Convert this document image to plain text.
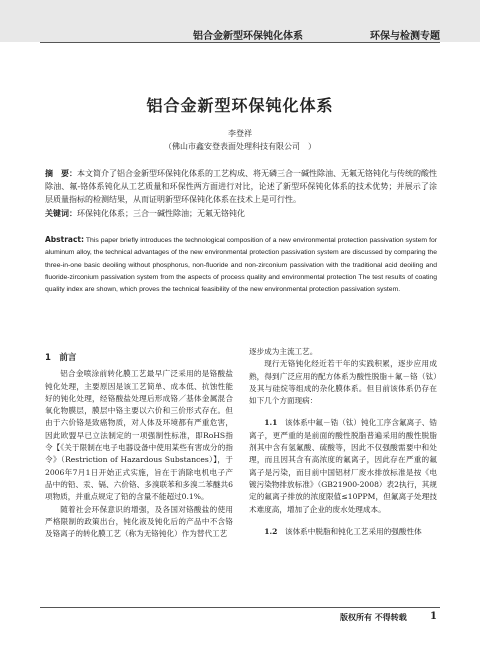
铝合金新型环保钝化体系	环保与检测专题
铝合金新型环保钝化体系
李登祥
（佛山市鑫安登表面处理科技有限公司　）
摘　要：本文简介了铝合金新型环保钝化体系的工艺构成、将无磷三合一碱性除油、无氟无铬钝化与传统的酸性除油、氟-铬体系钝化从工艺质量和环保性两方面进行对比，论述了新型环保钝化体系的技术优势；并展示了涂层质量指标的检测结果，从而证明新型环保钝化体系在技术上是可行性。
关键词：环保钝化体系；三合一碱性除油；无氟无铬钝化
Abstract: This paper briefly introduces the technological composition of a new environmental protection passivation system for aluminum alloy, the technical advantages of the new environmental protection passivation system are discussed by comparing the three-in-one basic deoiling without phosphorus, non-fluoride and non-zirconium passivation with the traditional acid deoiling and fluoride-zirconium passivation system from the aspects of process quality and environmental protection The test results of coating quality index are shown, which proves the technical feasibility of the new environmental protection passivation system.
1　前言

铝合金喷涂前转化膜工艺最早广泛采用的是铬酸盐钝化处理，主要原因是该工艺简单、成本低、抗蚀性能好的钝化处理，经铬酸盐处理后形成铬／基体金属混合氧化物膜层，膜层中铬主要以六价和三价形式存在。但由于六价铬是致癌物质，对人体及环境都有严重危害，因此欧盟早已立法制定的一项强制性标准，即RoHS指令【《关于限制在电子电器设备中使用某些有害成分的指令》（Restriction of Hazardous Substances）】，于2006年7月1日开始正式实施，旨在于消除电机电子产品中的铅、汞、镉、六价铬、多溴联苯和多溴二苯醚共6项物质，并重点规定了铅的含量不能超过0.1%。

随着社会环保意识的增强，及各国对铬酸盐的使用严格限制的政策出台，钝化液及钝化后的产品中不含铬及铬离子的转化膜工艺（称为无铬钝化）作为替代工艺

逐步成为主流工艺。

现行无铬钝化经近若干年的实践积累，逐步应用成熟，得到广泛应用的配方体系为酸性脱脂＋氟－铬（钛）及其与硅烷等组成的杂化膜体系。但目前该体系仍存在如下几个方面现病：

1.1　该体系中氟－锆（钛）钝化工序含氟离子、锆离子，更严重的是前面的酸性脱脂普遍采用的酸性脱脂剂其中含有氢氟酸、硫酸等，因此不仅强酸需要中和处理，而且因其含有高浓度的氟离子，因此存在严重的氟离子是污染，而目前中国铝材厂废水排放标准是按《电镀污染物排放标准》（GB21900-2008）表2执行，其规定的氟离子排放的浓度限值≤10PPM，但氟离子处理技术难度高，增加了企业的废水处理成本。

1.2　该体系中脱脂和钝化工艺采用的强酸性体

版权所有 不得转载 1
